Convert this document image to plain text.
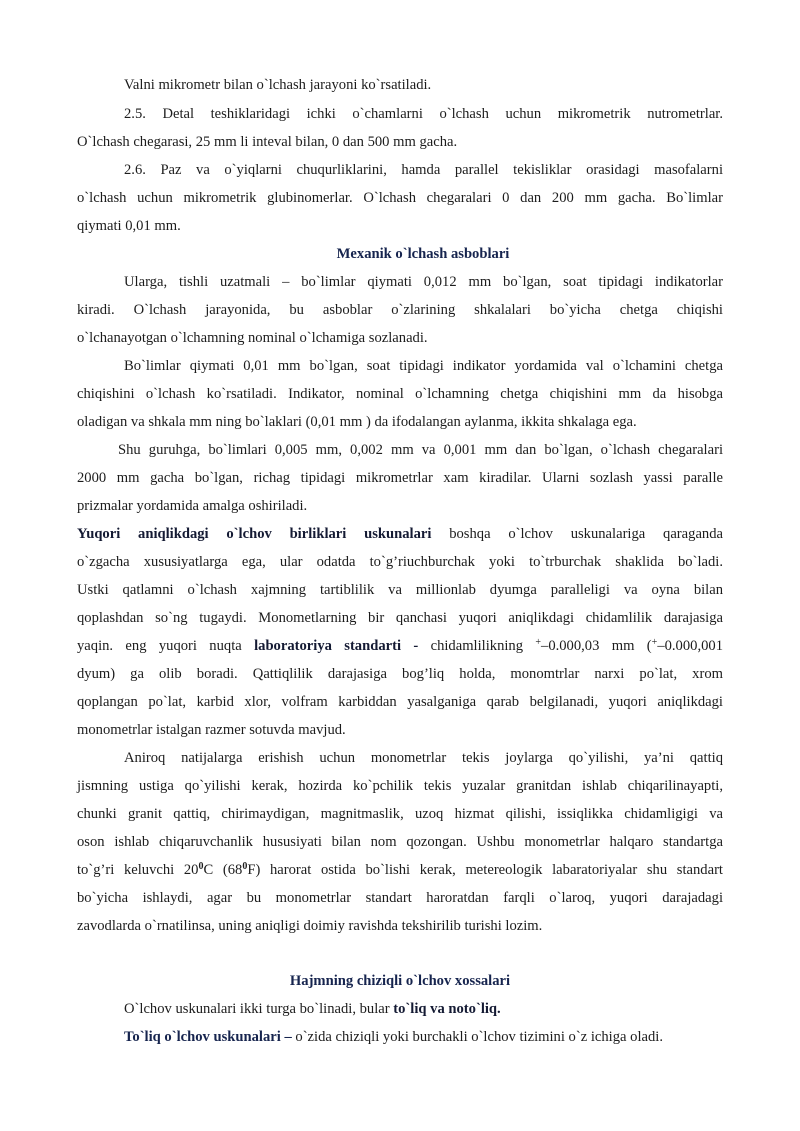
Valni mikrometr bilan o`lchash jarayoni ko`rsatiladi.
2.5. Detal teshiklaridagi ichki o`chamlarni o`lchash uchun mikrometrik nutrometrlar.
O`lchash chegarasi, 25 mm li inteval bilan, 0 dan 500 mm gacha.
2.6. Paz va o`yiqlarni chuqurliklarini, hamda parallel tekisliklar orasidagi masofalarni
o`lchash uchun mikrometrik glubinomerlar. O`lchash chegaralari 0 dan 200 mm gacha. Bo`limlar
qiymati 0,01 mm.
Mexanik o`lchash asboblari
Ularga, tishli uzatmali – bo`limlar qiymati 0,012 mm bo`lgan, soat tipidagi indikatorlar
kiradi. O`lchash jarayonida, bu asboblar o`zlarining shkalalari bo`yicha chetga chiqishi
o`lchanayotgan o`lchamning nominal o`lchamiga sozlanadi.
Bo`limlar qiymati 0,01 mm bo`lgan, soat tipidagi indikator yordamida val o`lchamini chetga
chiqishini o`lchash ko`rsatiladi. Indikator, nominal o`lchamning chetga chiqishini mm da hisobga
oladigan va shkala mm ning bo`laklari (0,01 mm ) da ifodalangan aylanma, ikkita shkalaga ega.
Shu guruhga, bo`limlari 0,005 mm, 0,002 mm va 0,001 mm dan bo`lgan, o`lchash chegaralari
2000 mm gacha bo`lgan, richag tipidagi mikrometrlar xam kiradilar. Ularni sozlash yassi paralle
prizmalar yordamida amalga oshiriladi.
Yuqori aniqlikdagi o`lchov birliklari uskunalari boshqa o`lchov uskunalariga qaraganda
o`zgacha xususiyatlarga ega, ular odatda to`g’riuchburchak yoki to`trburchak shaklida bo`ladi.
Ustki qatlamni o`lchash xajmning tartiblilik va millionlab dyumga paralleligi va oyna bilan
qoplashdan so`ng tugaydi. Monometlarning bir qanchasi yuqori aniqlikdagi chidamlilik darajasiga
yaqin. eng yuqori nuqta laboratoriya standarti - chidamlilikning +–0.000,03 mm (+–0.000,001
dyum) ga olib boradi. Qattiqlilik darajasiga bog’liq holda, monomtrlar narxi po`lat, xrom
qoplangan po`lat, karbid xlor, volfram karbiddan yasalganiga qarab belgilanadi, yuqori aniqlikdagi
monometrlar istalgan razmer sotuvda mavjud.
Aniroq natijalarga erishish uchun monometrlar tekis joylarga qo`yilishi, ya’ni qattiq
jismning ustiga qo`yilishi kerak, hozirda ko`pchilik tekis yuzalar granitdan ishlab chiqarilinayapti,
chunki granit qattiq, chirimaydigan, magnitmaslik, uzoq hizmat qilishi, issiqlikka chidamligigi va
oson ishlab chiqaruvchanlik hususiyati bilan nom qozongan. Ushbu monometrlar halqaro standartga
to`g’ri keluvchi $20^0C$ $(68^0F)$ harorat ostida bo`lishi kerak, metereologik labaratoriyalar shu standart
bo`yicha ishlaydi, agar bu monometrlar standart haroratdan farqli o`laroq, yuqori darajadagi
zavodlarda o`rnatilinsa, uning aniqligi doimiy ravishda tekshirilib turishi lozim.
Hajmning chiziqli o`lchov xossalari
O`lchov uskunalari ikki turga bo`linadi, bular to`liq va noto`liq.
To`liq o`lchov uskunalari – o`zida chiziqli yoki burchakli o`lchov tizimini o`z ichiga oladi.
